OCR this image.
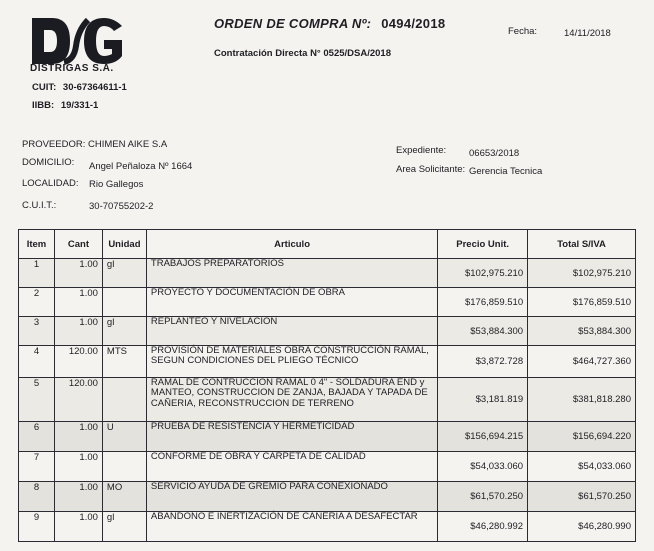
DISTRIGAS S.A.
CUIT: 30-67364611-1
IIBB: 19/331-1
ORDEN DE COMPRA Nº: 0494/2018
Contratación Directa N° 0525/DSA/2018
Fecha:	14/11/2018
PROVEEDOR: CHIMEN AIKE S.A
DOMICILIO: Angel Peñaloza Nº 1664
LOCALIDAD: Rio Gallegos
C.U.I.T.:	30-70755202-2
Expediente: 06653/2018
Area Solicitante: Gerencia Tecnica
Item	Cant	Unidad	Articulo	Precio Unit.	Total S/IVA
1	1.00	gl	TRABAJOS PREPARATORIOS	$102,975.210	$102,975.210
2	1.00		PROYECTO Y DOCUMENTACIÓN DE OBRA	$176,859.510	$176,859.510
3	1.00	gl	REPLANTEO Y NIVELACION	$53,884.300	$53,884.300
4	120.00	MTS	PROVISIÓN DE MATERIALES OBRA CONSTRUCCIÓN RAMAL, SEGUN CONDICIONES DEL PLIEGO TÉCNICO	$3,872.728	$464,727.360
5	120.00		RAMAL DE CONTRUCCION RAMAL 0 4" - SOLDADURA END y MANTEO, CONSTRUCCION DE ZANJA, BAJADA Y TAPADA DE CAÑERIA, RECONSTRUCCION DE TERRENO	$3,181.819	$381,818.280
6	1.00	U	PRUEBA DE RESISTENCIA Y HERMETICIDAD	$156,694.215	$156,694.220
7	1.00		CONFORME DE OBRA Y CARPETA DE CALIDAD	$54,033.060	$54,033.060
8	1.00	MO	SERVICIO AYUDA DE GREMIO PARA CONEXIONADO	$61,570.250	$61,570.250
9	1.00	gl	ABANDONO E INERTIZACIÓN DE CAÑERIA A DESAFECTAR	$46,280.992	$46,280.990
